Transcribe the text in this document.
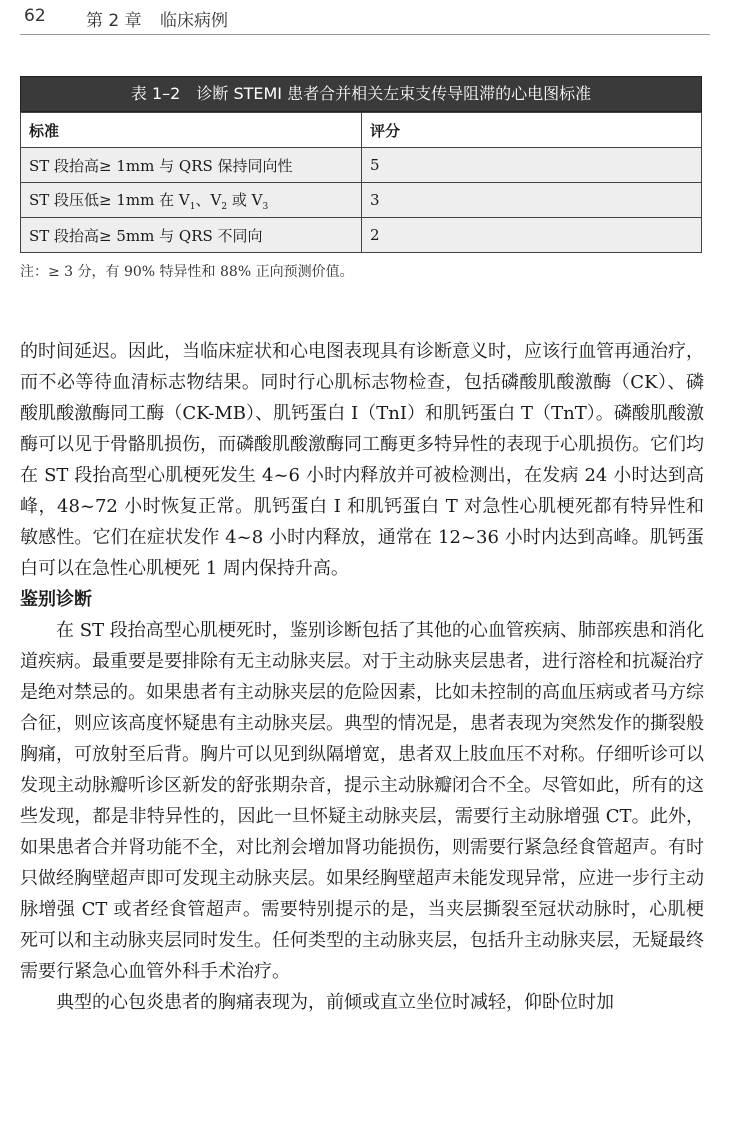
62 第 2 章 临床病例
表 1–2　诊断 STEMI 患者合并相关左束支传导阻滞的心电图标准
标准	评分
ST 段抬高≥ 1mm 与 QRS 保持同向性	5
ST 段压低≥ 1mm 在 $V_1$、$V_2$ 或 $V_3$	3
ST 段抬高≥ 5mm 与 QRS 不同向	2
注：≥ 3 分，有 90% 特异性和 88% 正向预测价值。

的时间延迟。因此，当临床症状和心电图表现具有诊断意义时，应该行血管再通治疗，而不必等待血清标志物结果。同时行心肌标志物检查，包括磷酸肌酸激酶（CK）、磷酸肌酸激酶同工酶（CK-MB）、肌钙蛋白 I（TnI）和肌钙蛋白 T（TnT）。磷酸肌酸激酶可以见于骨骼肌损伤，而磷酸肌酸激酶同工酶更多特异性的表现于心肌损伤。它们均在 ST 段抬高型心肌梗死发生 4~6 小时内释放并可被检测出，在发病 24 小时达到高峰，48~72 小时恢复正常。肌钙蛋白 I 和肌钙蛋白 T 对急性心肌梗死都有特异性和敏感性。它们在症状发作 4~8 小时内释放，通常在 12~36 小时内达到高峰。肌钙蛋白可以在急性心肌梗死 1 周内保持升高。

鉴别诊断

在 ST 段抬高型心肌梗死时，鉴别诊断包括了其他的心血管疾病、肺部疾患和消化道疾病。最重要是要排除有无主动脉夹层。对于主动脉夹层患者，进行溶栓和抗凝治疗是绝对禁忌的。如果患者有主动脉夹层的危险因素，比如未控制的高血压病或者马方综合征，则应该高度怀疑患有主动脉夹层。典型的情况是，患者表现为突然发作的撕裂般胸痛，可放射至后背。胸片可以见到纵隔增宽，患者双上肢血压不对称。仔细听诊可以发现主动脉瓣听诊区新发的舒张期杂音，提示主动脉瓣闭合不全。尽管如此，所有的这些发现，都是非特异性的，因此一旦怀疑主动脉夹层，需要行主动脉增强 CT。此外，如果患者合并肾功能不全，对比剂会增加肾功能损伤，则需要行紧急经食管超声。有时只做经胸壁超声即可发现主动脉夹层。如果经胸壁超声未能发现异常，应进一步行主动脉增强 CT 或者经食管超声。需要特别提示的是，当夹层撕裂至冠状动脉时，心肌梗死可以和主动脉夹层同时发生。任何类型的主动脉夹层，包括升主动脉夹层，无疑最终需要行紧急心血管外科手术治疗。

典型的心包炎患者的胸痛表现为，前倾或直立坐位时减轻，仰卧位时加
